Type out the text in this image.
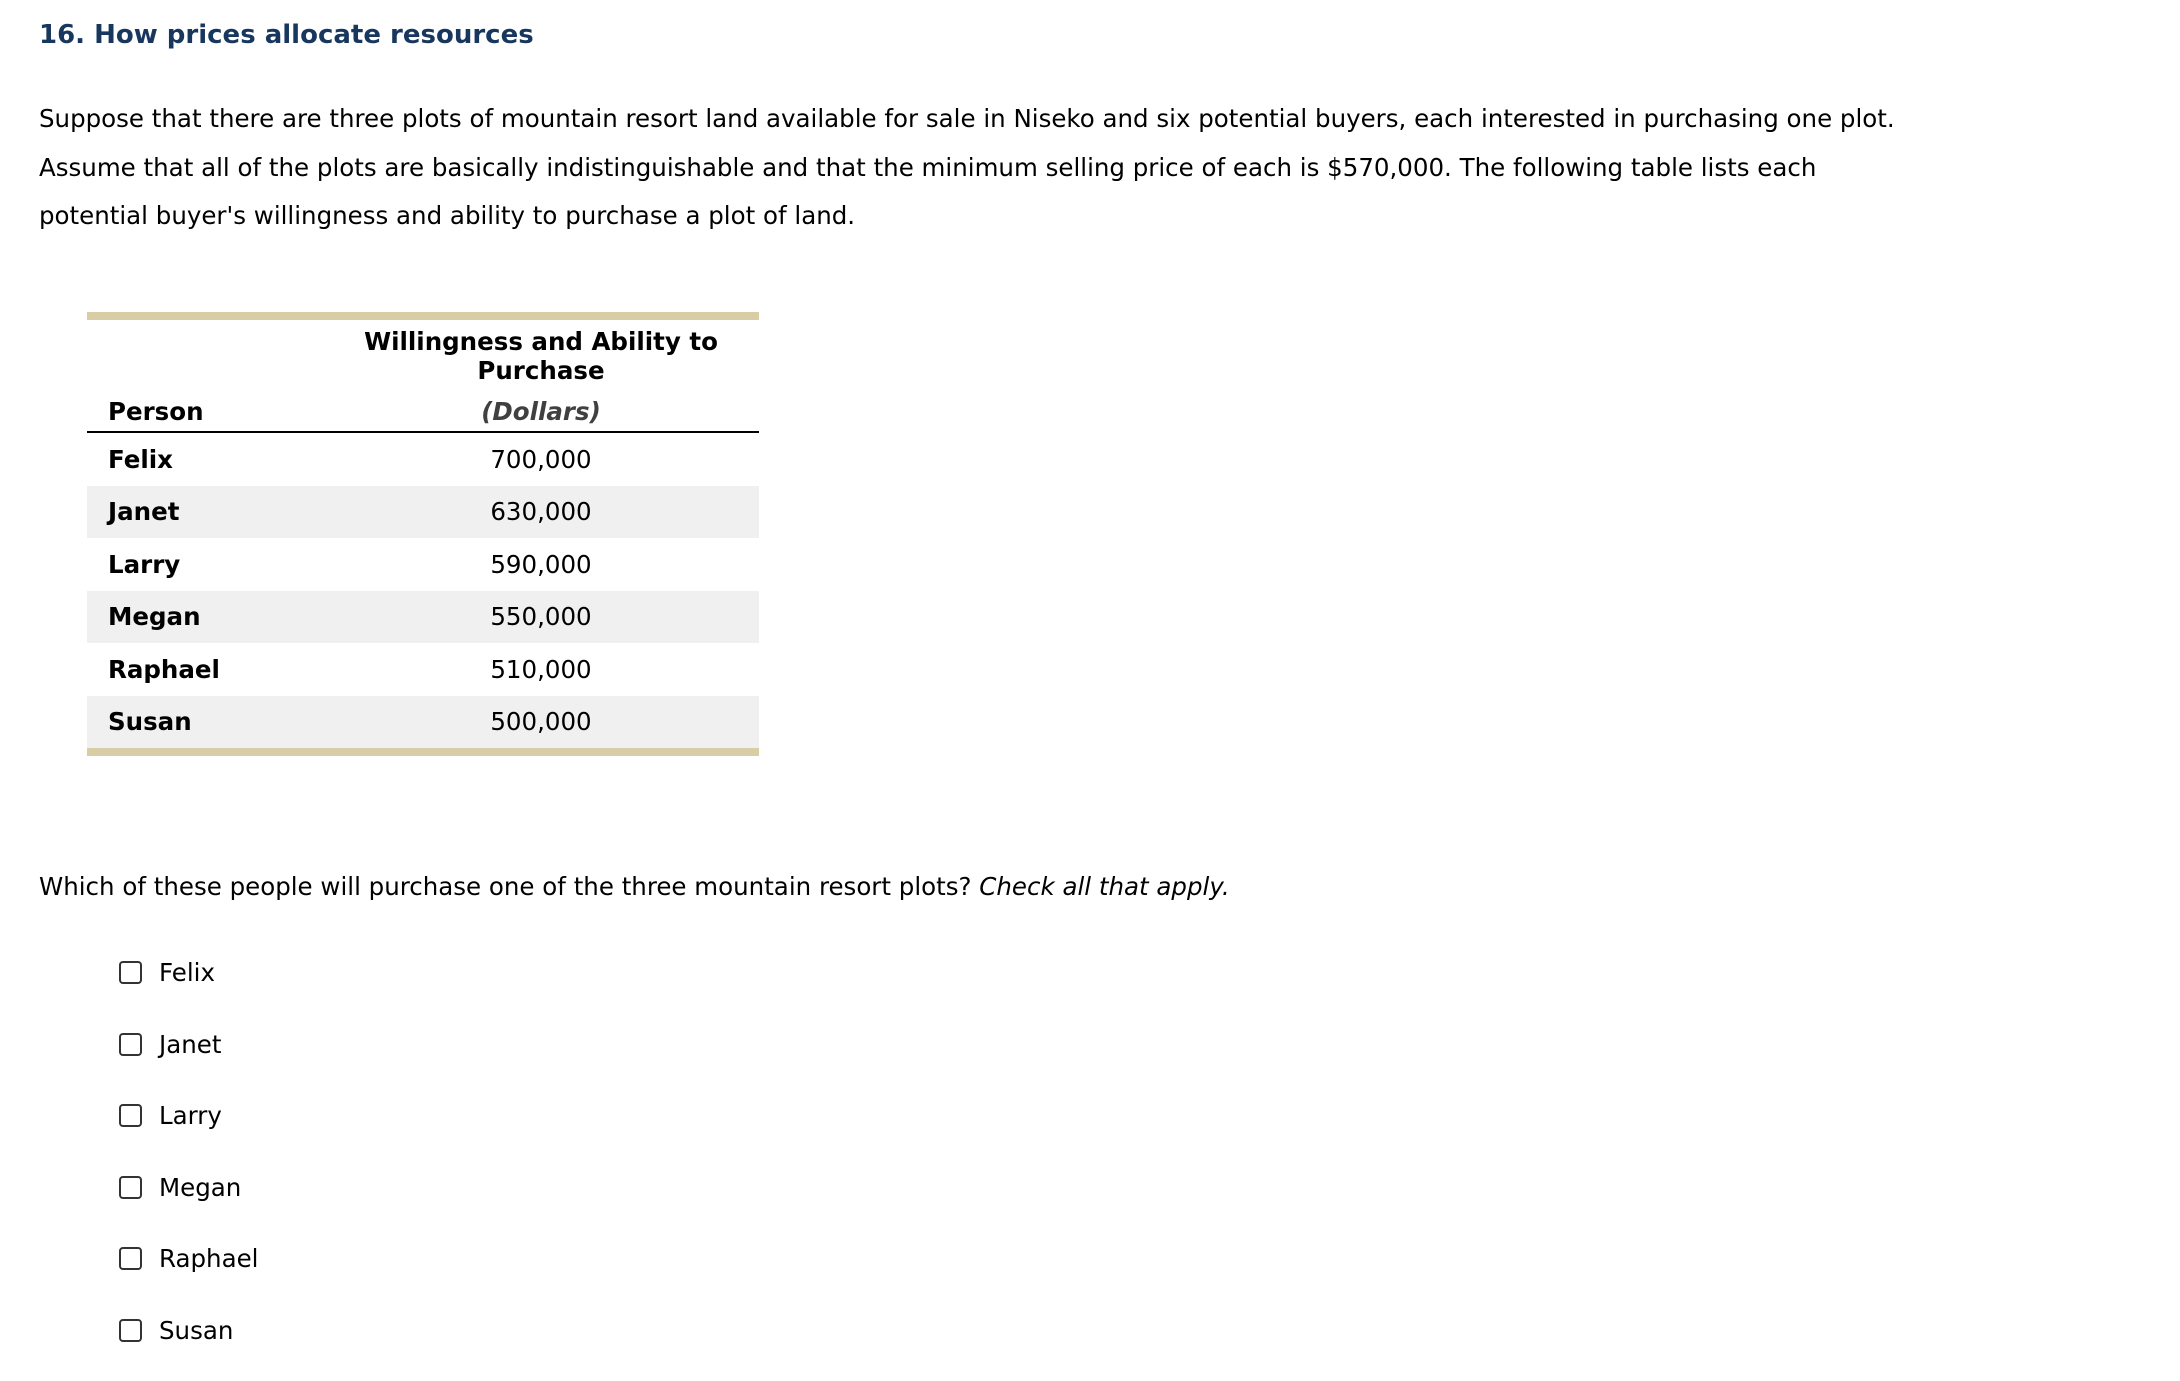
16. How prices allocate resources

Suppose that there are three plots of mountain resort land available for sale in Niseko and six potential buyers, each interested in purchasing one plot.
Assume that all of the plots are basically indistinguishable and that the minimum selling price of each is $570,000. The following table lists each
potential buyer's willingness and ability to purchase a plot of land.

	Willingness and Ability to Purchase
Person	(Dollars)
Felix	700,000
Janet	630,000
Larry	590,000
Megan	550,000
Raphael	510,000
Susan	500,000

Which of these people will purchase one of the three mountain resort plots? Check all that apply.

Felix
Janet
Larry
Megan
Raphael
Susan
